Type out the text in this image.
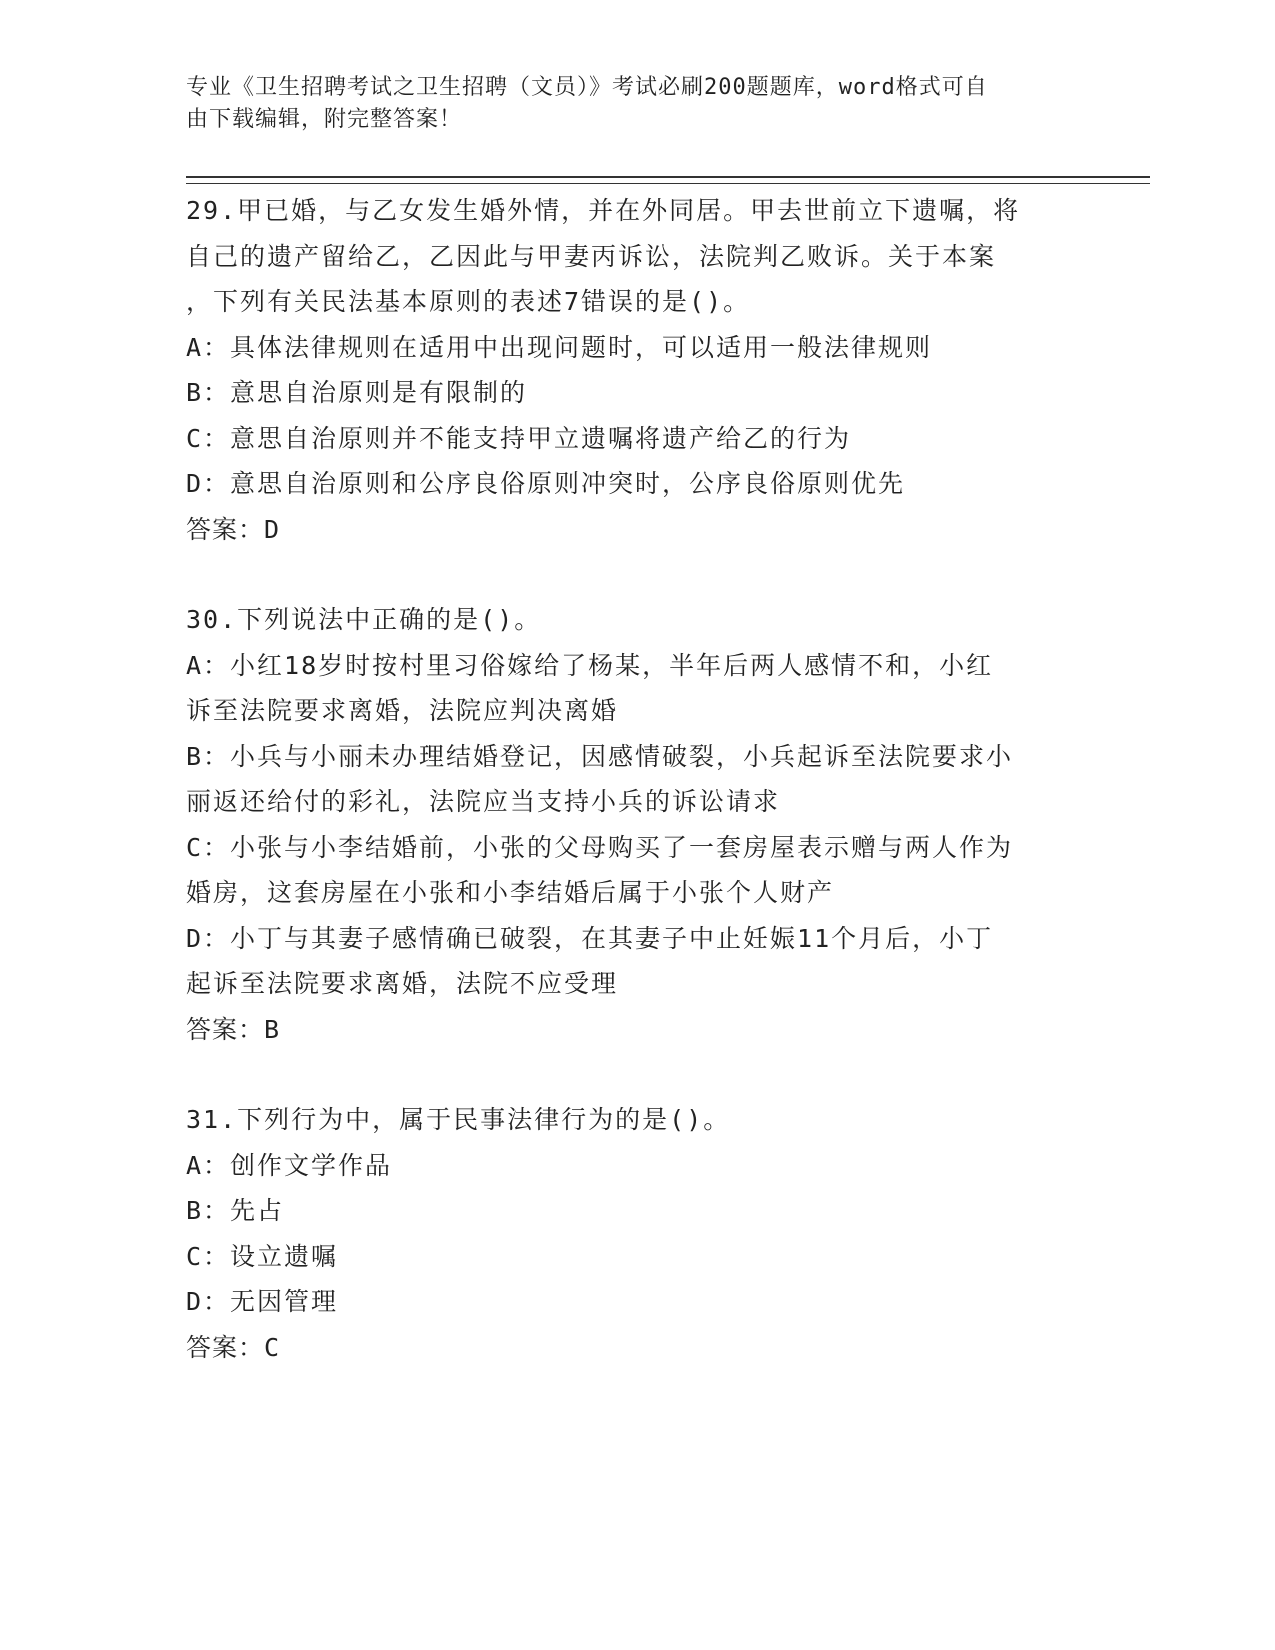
专业《卫生招聘考试之卫生招聘（文员）》考试必刷200题题库，word格式可自
由下载编辑，附完整答案！
29.甲已婚，与乙女发生婚外情，并在外同居。甲去世前立下遗嘱，将
自己的遗产留给乙，乙因此与甲妻丙诉讼，法院判乙败诉。关于本案
，下列有关民法基本原则的表述7错误的是()。
A：具体法律规则在适用中出现问题时，可以适用一般法律规则
B：意思自治原则是有限制的
C：意思自治原则并不能支持甲立遗嘱将遗产给乙的行为
D：意思自治原则和公序良俗原则冲突时，公序良俗原则优先
答案：D
30.下列说法中正确的是()。
A：小红18岁时按村里习俗嫁给了杨某，半年后两人感情不和，小红
诉至法院要求离婚，法院应判决离婚
B：小兵与小丽未办理结婚登记，因感情破裂，小兵起诉至法院要求小
丽返还给付的彩礼，法院应当支持小兵的诉讼请求
C：小张与小李结婚前，小张的父母购买了一套房屋表示赠与两人作为
婚房，这套房屋在小张和小李结婚后属于小张个人财产
D：小丁与其妻子感情确已破裂，在其妻子中止妊娠11个月后，小丁
起诉至法院要求离婚，法院不应受理
答案：B
31.下列行为中，属于民事法律行为的是()。
A：创作文学作品
B：先占
C：设立遗嘱
D：无因管理
答案：C
